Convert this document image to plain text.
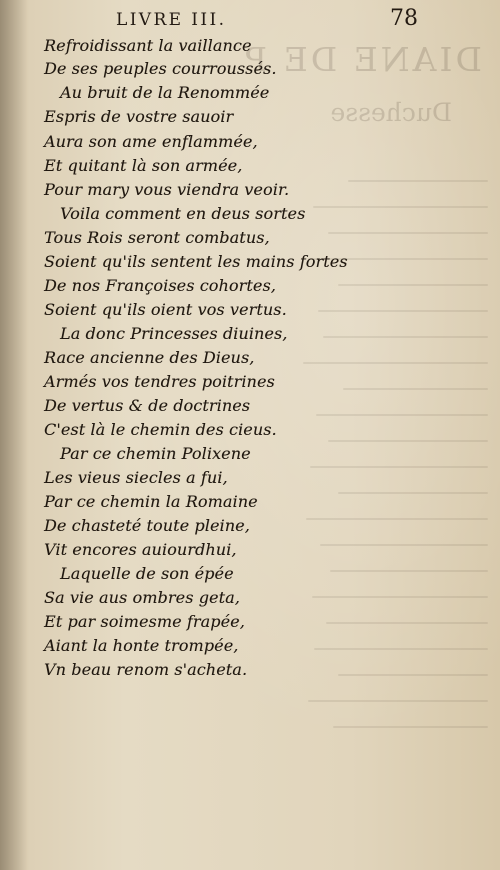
DIANE DE P
Duchesse
LIVRE III.	78
Refroidissant la vaillance
De ses peuples courroussés.
Au bruit de la Renommée
Espris de vostre sauoir
Aura son ame enflammée,
Et quitant là son armée,
Pour mary vous viendra veoir.
Voila comment en deus sortes
Tous Rois seront combatus,
Soient qu'ils sentent les mains fortes
De nos Françoises cohortes,
Soient qu'ils oient vos vertus.
La donc Princesses diuines,
Race ancienne des Dieus,
Armés vos tendres poitrines
De vertus & de doctrines
C'est là le chemin des cieus.
Par ce chemin Polixene
Les vieus siecles a fui,
Par ce chemin la Romaine
De chasteté toute pleine,
Vit encores auiourdhui,
Laquelle de son épée
Sa vie aus ombres geta,
Et par soimesme frapée,
Aiant la honte trompée,
Vn beau renom s'acheta.
